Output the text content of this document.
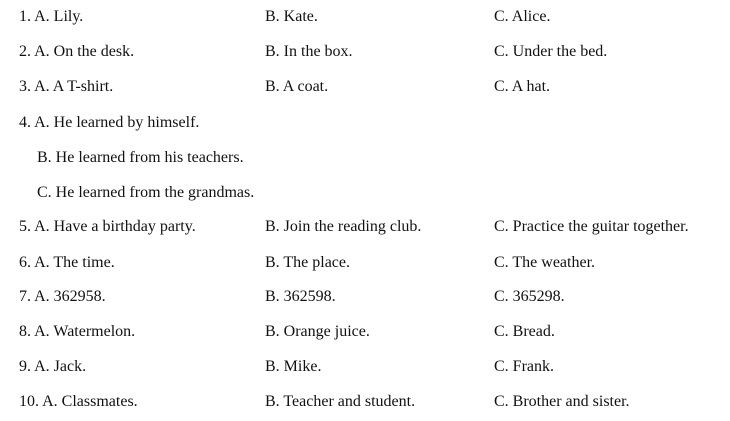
1. A. Lily.	B. Kate.	C. Alice.
2. A. On the desk.	B. In the box.	C. Under the bed.
3. A. A T-shirt.	B. A coat.	C. A hat.
4. A. He learned by himself.
B. He learned from his teachers.
C. He learned from the grandmas.
5. A. Have a birthday party.	B. Join the reading club.	C. Practice the guitar together.
6. A. The time.	B. The place.	C. The weather.
7. A. 362958.	B. 362598.	C. 365298.
8. A. Watermelon.	B. Orange juice.	C. Bread.
9. A. Jack.	B. Mike.	C. Frank.
10. A. Classmates.	B. Teacher and student.	C. Brother and sister.
